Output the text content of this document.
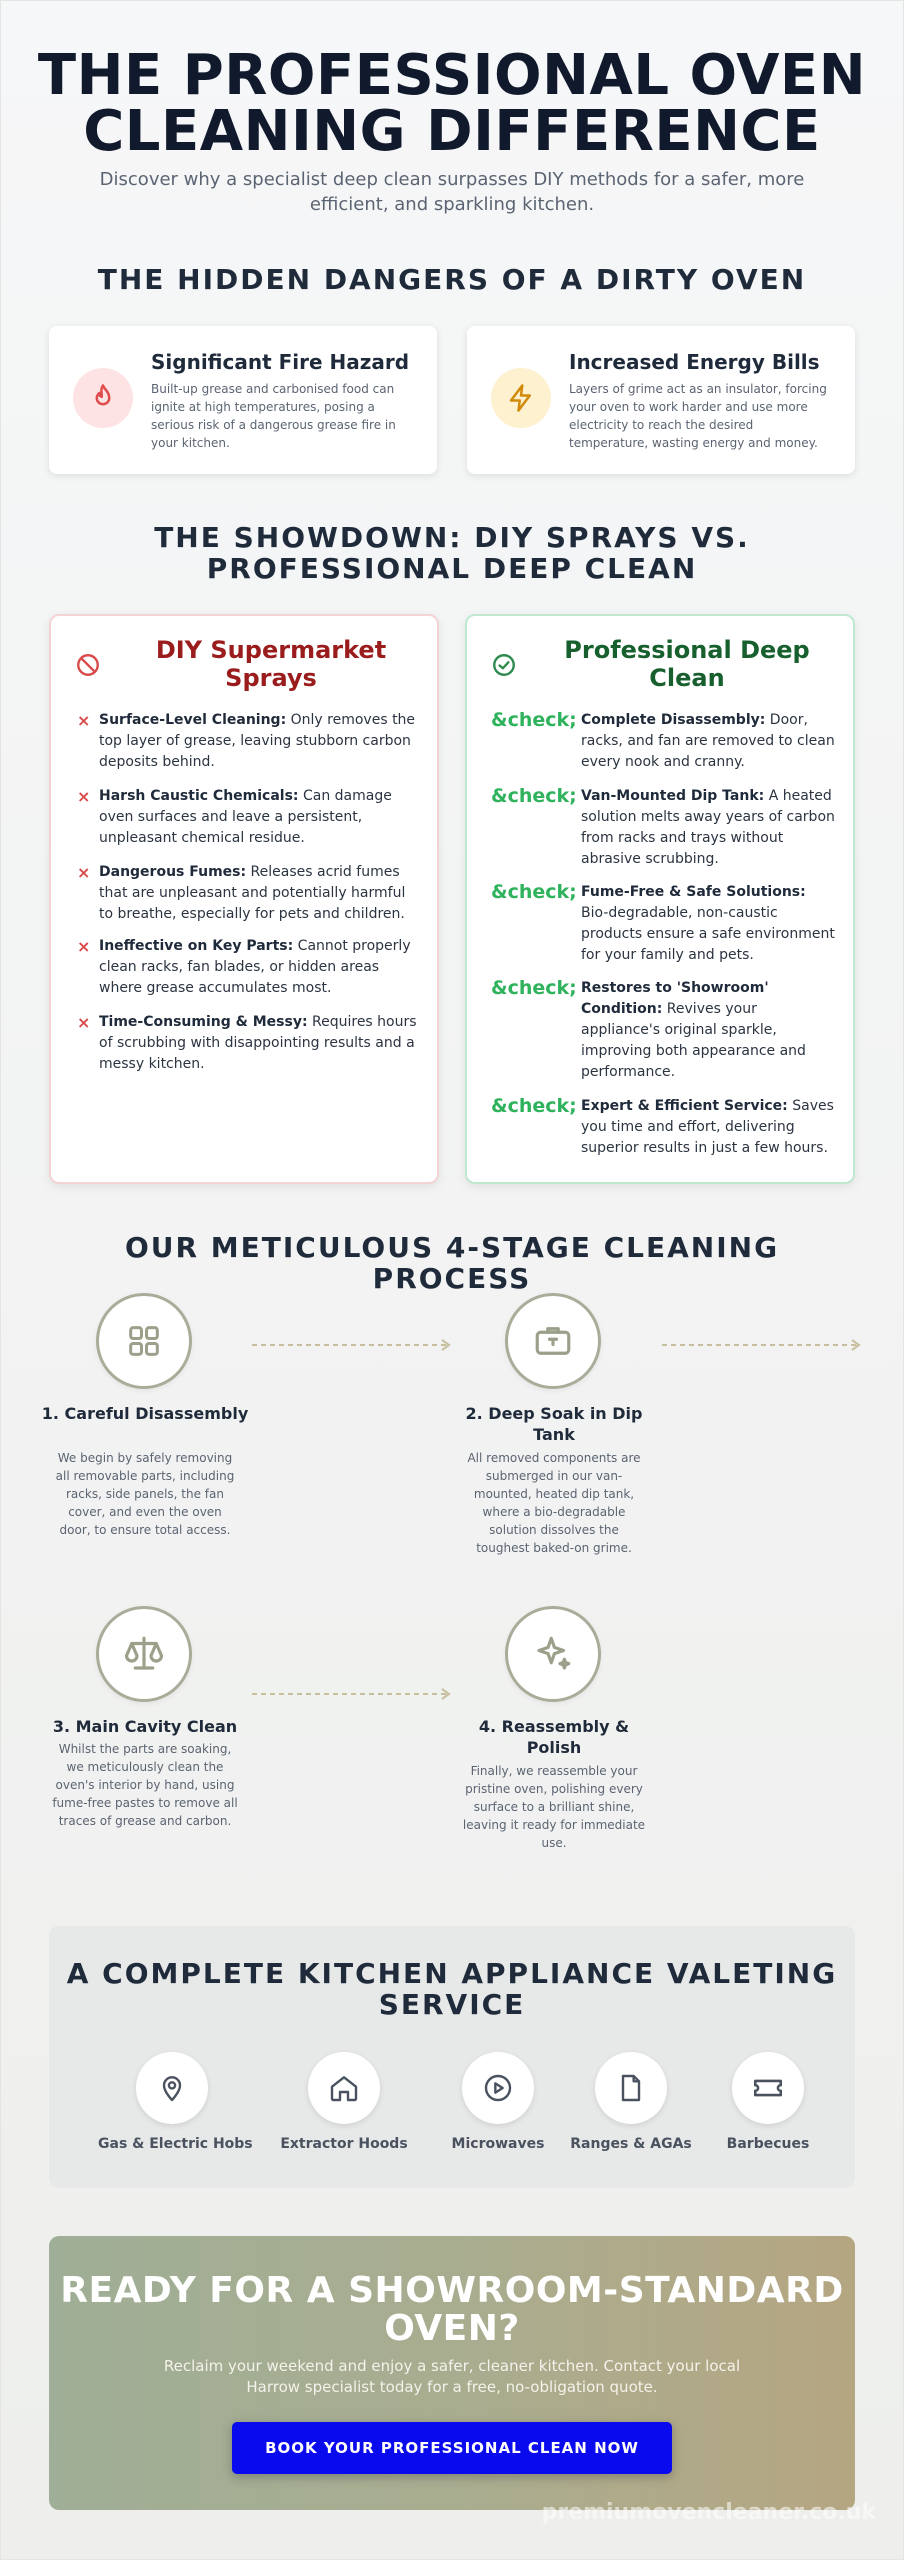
THE PROFESSIONAL OVEN CLEANING DIFFERENCE

Discover why a specialist deep clean surpasses DIY methods for a safer, more efficient, and sparkling kitchen.

THE HIDDEN DANGERS OF A DIRTY OVEN
Significant Fire Hazard

Built-up grease and carbonised food can ignite at high temperatures, posing a serious risk of a dangerous grease fire in your kitchen.

Increased Energy Bills

Layers of grime act as an insulator, forcing your oven to work harder and use more electricity to reach the desired temperature, wasting energy and money.

THE SHOWDOWN: DIY SPRAYS VS. PROFESSIONAL DEEP CLEAN
DIY Supermarket Sprays
× Surface-Level Cleaning: Only removes the top layer of grease, leaving stubborn carbon deposits behind.
× Harsh Caustic Chemicals: Can damage oven surfaces and leave a persistent, unpleasant chemical residue.
× Dangerous Fumes: Releases acrid fumes that are unpleasant and potentially harmful to breathe, especially for pets and children.
× Ineffective on Key Parts: Cannot properly clean racks, fan blades, or hidden areas where grease accumulates most.
× Time-Consuming & Messy: Requires hours of scrubbing with disappointing results and a messy kitchen.
Professional Deep Clean
&check; Complete Disassembly: Door, racks, and fan are removed to clean every nook and cranny.
&check; Van-Mounted Dip Tank: A heated solution melts away years of carbon from racks and trays without abrasive scrubbing.
&check; Fume-Free & Safe Solutions: Bio-degradable, non-caustic products ensure a safe environment for your family and pets.
&check; Restores to 'Showroom' Condition: Revives your appliance's original sparkle, improving both appearance and performance.
&check; Expert & Efficient Service: Saves you time and effort, delivering superior results in just a few hours.
OUR METICULOUS 4-STAGE CLEANING PROCESS
1. Careful Disassembly

We begin by safely removing all removable parts, including racks, side panels, the fan cover, and even the oven door, to ensure total access.

2. Deep Soak in Dip Tank

All removed components are submerged in our van-mounted, heated dip tank, where a bio-degradable solution dissolves the toughest baked-on grime.

3. Main Cavity Clean

Whilst the parts are soaking, we meticulously clean the oven's interior by hand, using fume-free pastes to remove all traces of grease and carbon.

4. Reassembly & Polish

Finally, we reassemble your pristine oven, polishing every surface to a brilliant shine, leaving it ready for immediate use.

A COMPLETE KITCHEN APPLIANCE VALETING SERVICE
Gas & Electric Hobs Extractor Hoods	Microwaves	Ranges & AGAs	Barbecues
READY FOR A SHOWROOM-STANDARD OVEN?

Reclaim your weekend and enjoy a safer, cleaner kitchen. Contact your local Harrow specialist today for a free, no-obligation quote.

BOOK YOUR PROFESSIONAL CLEAN NOW
premiumovencleaner.co.uk
